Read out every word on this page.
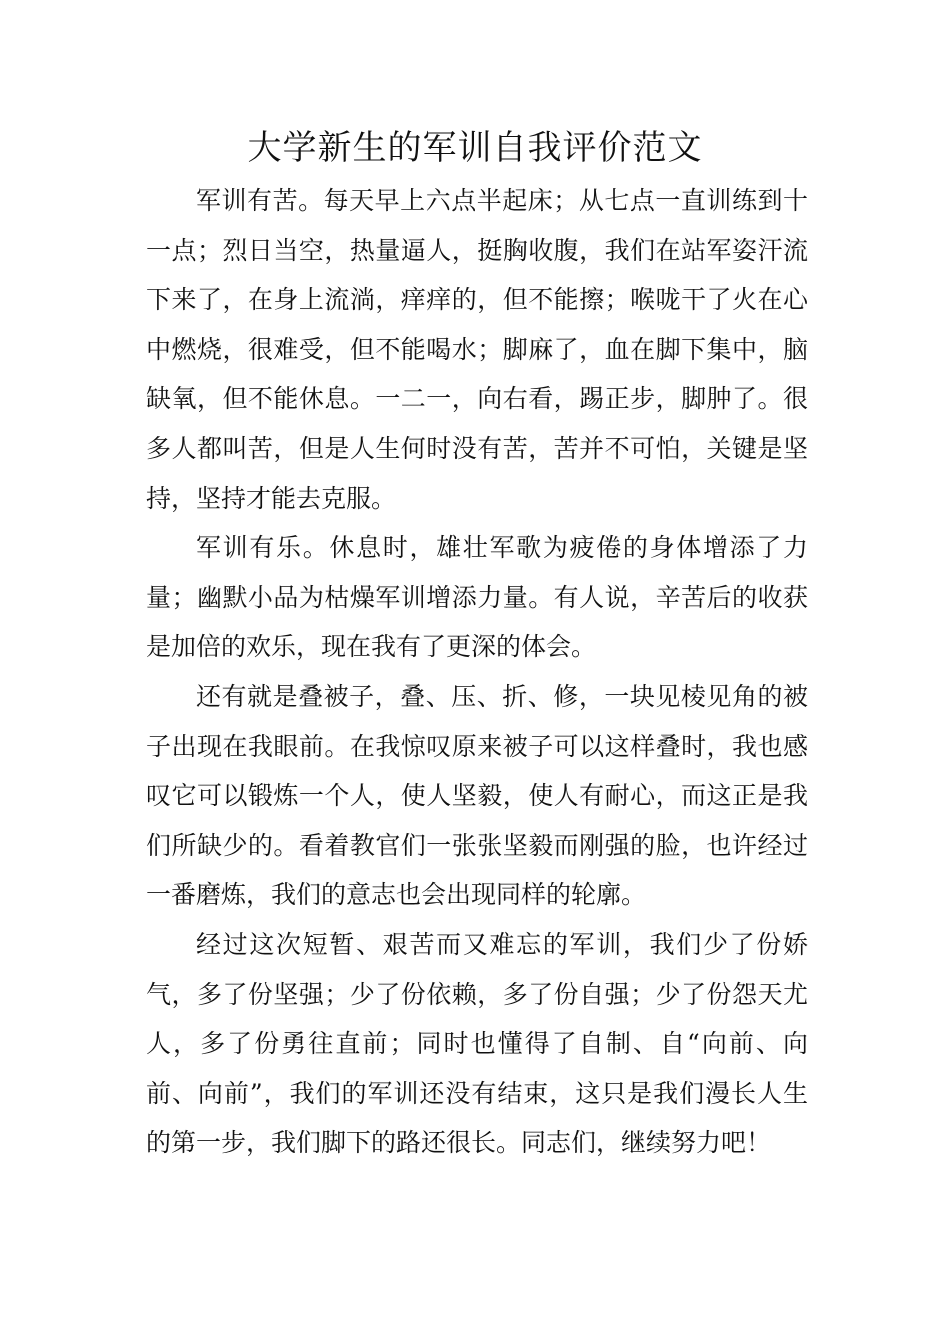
大学新生的军训自我评价范文

军训有苦。每天早上六点半起床；从七点一直训练到十一点；烈日当空，热量逼人，挺胸收腹，我们在站军姿汗流下来了，在身上流淌，痒痒的，但不能擦；喉咙干了火在心中燃烧，很难受，但不能喝水；脚麻了，血在脚下集中，脑缺氧，但不能休息。一二一，向右看，踢正步，脚肿了。很多人都叫苦，但是人生何时没有苦，苦并不可怕，关键是坚持，坚持才能去克服。

军训有乐。休息时，雄壮军歌为疲倦的身体增添了力量；幽默小品为枯燥军训增添力量。有人说，辛苦后的收获是加倍的欢乐，现在我有了更深的体会。

还有就是叠被子，叠、压、折、修，一块见棱见角的被子出现在我眼前。在我惊叹原来被子可以这样叠时，我也感叹它可以锻炼一个人，使人坚毅，使人有耐心，而这正是我们所缺少的。看着教官们一张张坚毅而刚强的脸，也许经过一番磨炼，我们的意志也会出现同样的轮廓。

经过这次短暂、艰苦而又难忘的军训，我们少了份娇气，多了份坚强；少了份依赖，多了份自强；少了份怨天尤人，多了份勇往直前；同时也懂得了自制、自“向前、向前、向前”，我们的军训还没有结束，这只是我们漫长人生的第一步，我们脚下的路还很长。同志们，继续努力吧！
